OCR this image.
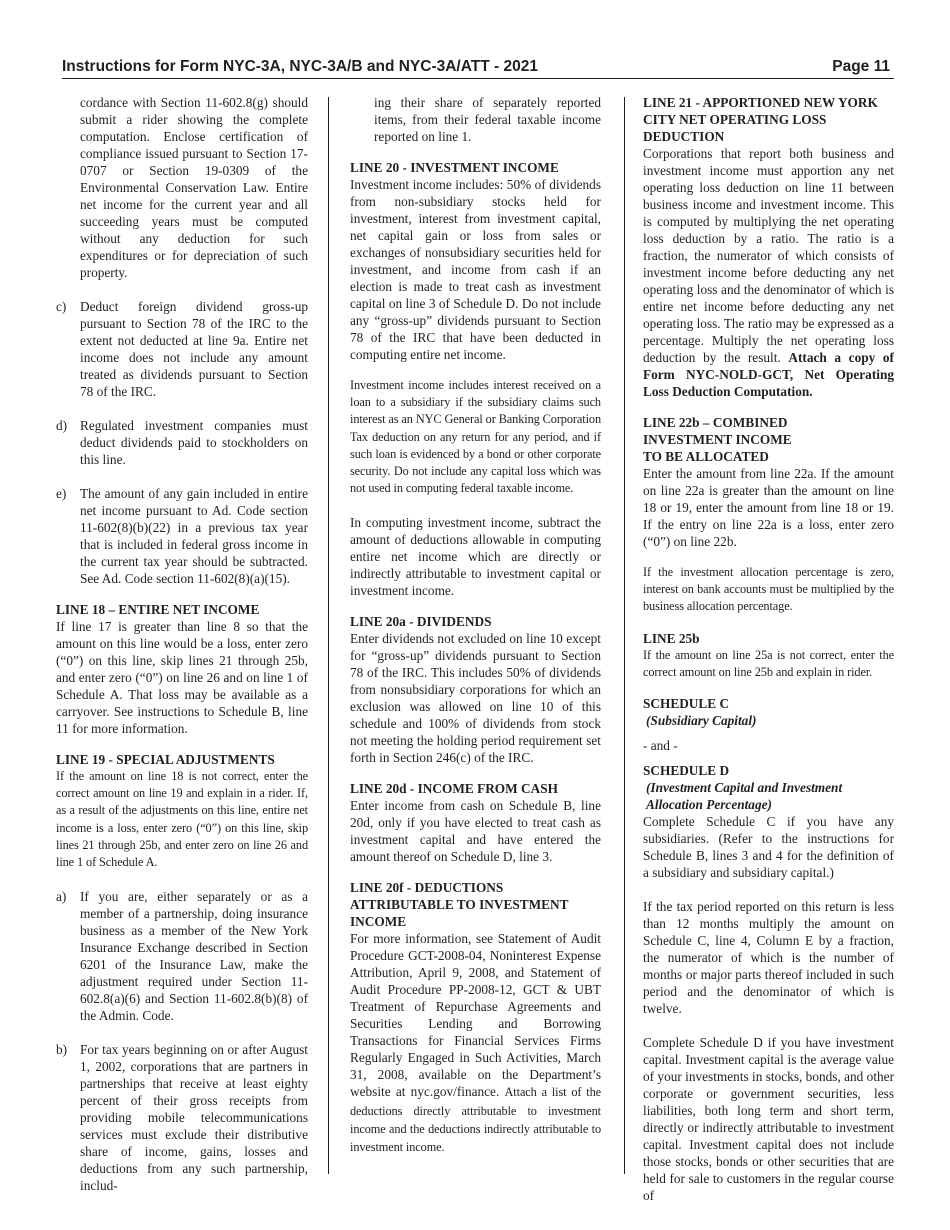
Instructions for Form NYC-3A, NYC-3A/B and NYC-3A/ATT - 2021	Page 11

cordance with Section 11-602.8(g) should submit a rider showing the complete computation. Enclose certification of compliance issued pursuant to Section 17-0707 or Section 19-0309 of the Environmental Conservation Law. Entire net income for the current year and all succeeding years must be computed without any deduction for such expenditures or for depreciation of such property.

c) Deduct foreign dividend gross-up pursuant to Section 78 of the IRC to the extent not deducted at line 9a. Entire net income does not include any amount treated as dividends pursuant to Section 78 of the IRC.
d) Regulated investment companies must deduct dividends paid to stockholders on this line.
e) The amount of any gain included in entire net income pursuant to Ad. Code section 11-602(8)(b)(22) in a previous tax year that is included in federal gross income in the current tax year should be subtracted. See Ad. Code section 11-602(8)(a)(15).
LINE 18 – ENTIRE NET INCOME

If line 17 is greater than line 8 so that the amount on this line would be a loss, enter zero (“0”) on this line, skip lines 21 through 25b, and enter zero (“0”) on line 26 and on line 1 of Schedule A. That loss may be available as a carryover. See instructions to Schedule B, line 11 for more information.

LINE 19 - SPECIAL ADJUSTMENTS

If the amount on line 18 is not correct, enter the correct amount on line 19 and explain in a rider. If, as a result of the adjustments on this line, entire net income is a loss, enter zero (“0”) on this line, skip lines 21 through 25b, and enter zero on line 26 and line 1 of Schedule A.

a) If you are, either separately or as a member of a partnership, doing insurance business as a member of the New York Insurance Exchange described in Section 6201 of the Insurance Law, make the adjustment required under Section 11-602.8(a)(6) and Section 11-602.8(b)(8) of the Admin. Code.
b) For tax years beginning on or after August 1, 2002, corporations that are partners in partnerships that receive at least eighty percent of their gross receipts from providing mobile telecommunications services must exclude their distributive share of income, gains, losses and deductions from any such partnership, includ-

ing their share of separately reported items, from their federal taxable income reported on line 1.

LINE 20 - INVESTMENT INCOME

Investment income includes: 50% of dividends from non-subsidiary stocks held for investment, interest from investment capital, net capital gain or loss from sales or exchanges of nonsubsidiary securities held for investment, and income from cash if an election is made to treat cash as investment capital on line 3 of Schedule D. Do not include any “gross-up” dividends pursuant to Section 78 of the IRC that have been deducted in computing entire net income.

Investment income includes interest received on a loan to a subsidiary if the subsidiary claims such interest as an NYC General or Banking Corporation Tax deduction on any return for any period, and if such loan is evidenced by a bond or other corporate security. Do not include any capital loss which was not used in computing federal taxable income.

In computing investment income, subtract the amount of deductions allowable in computing entire net income which are directly or indirectly attributable to investment capital or investment income.

LINE 20a - DIVIDENDS

Enter dividends not excluded on line 10 except for “gross-up” dividends pursuant to Section 78 of the IRC. This includes 50% of dividends from nonsubsidiary corporations for which an exclusion was allowed on line 10 of this schedule and 100% of dividends from stock not meeting the holding period requirement set forth in Section 246(c) of the IRC.

LINE 20d - INCOME FROM CASH

Enter income from cash on Schedule B, line 20d, only if you have elected to treat cash as investment capital and have entered the amount thereof on Schedule D, line 3.

LINE 20f - DEDUCTIONS ATTRIBUTABLE TO INVESTMENT INCOME

For more information, see Statement of Audit Procedure GCT-2008-04, Noninterest Expense Attribution, April 9, 2008, and Statement of Audit Procedure PP-2008-12, GCT & UBT Treatment of Repurchase Agreements and Securities Lending and Borrowing Transactions for Financial Services Firms Regularly Engaged in Such Activities, March 31, 2008, available on the Department’s website at nyc.gov/finance. Attach a list of the deductions directly attributable to investment income and the deductions indirectly attributable to investment income.

LINE 21 - APPORTIONED NEW YORK CITY NET OPERATING LOSS DEDUCTION

Corporations that report both business and investment income must apportion any net operating loss deduction on line 11 between business income and investment income. This is computed by multiplying the net operating loss deduction by a ratio. The ratio is a fraction, the numerator of which consists of investment income before deducting any net operating loss and the denominator of which is entire net income before deducting any net operating loss. The ratio may be expressed as a percentage. Multiply the net operating loss deduction by the result. Attach a copy of Form NYC-NOLD-GCT, Net Operating Loss Deduction Computation.

LINE 22b – COMBINED INVESTMENT INCOME TO BE ALLOCATED

Enter the amount from line 22a. If the amount on line 22a is greater than the amount on line 18 or 19, enter the amount from line 18 or 19. If the entry on line 22a is a loss, enter zero (“0”) on line 22b.

If the investment allocation percentage is zero, interest on bank accounts must be multiplied by the business allocation percentage.

LINE 25b

If the amount on line 25a is not correct, enter the correct amount on line 25b and explain in rider.

SCHEDULE C

(Subsidiary Capital)

- and -

SCHEDULE D

(Investment Capital and Investment Allocation Percentage)

Complete Schedule C if you have any subsidiaries. (Refer to the instructions for Schedule B, lines 3 and 4 for the definition of a subsidiary and subsidiary capital.)

If the tax period reported on this return is less than 12 months multiply the amount on Schedule C, line 4, Column E by a fraction, the numerator of which is the number of months or major parts thereof included in such period and the denominator of which is twelve.

Complete Schedule D if you have investment capital. Investment capital is the average value of your investments in stocks, bonds, and other corporate or government securities, less liabilities, both long term and short term, directly or indirectly attributable to investment capital. Investment capital does not include those stocks, bonds or other securities that are held for sale to customers in the regular course of
